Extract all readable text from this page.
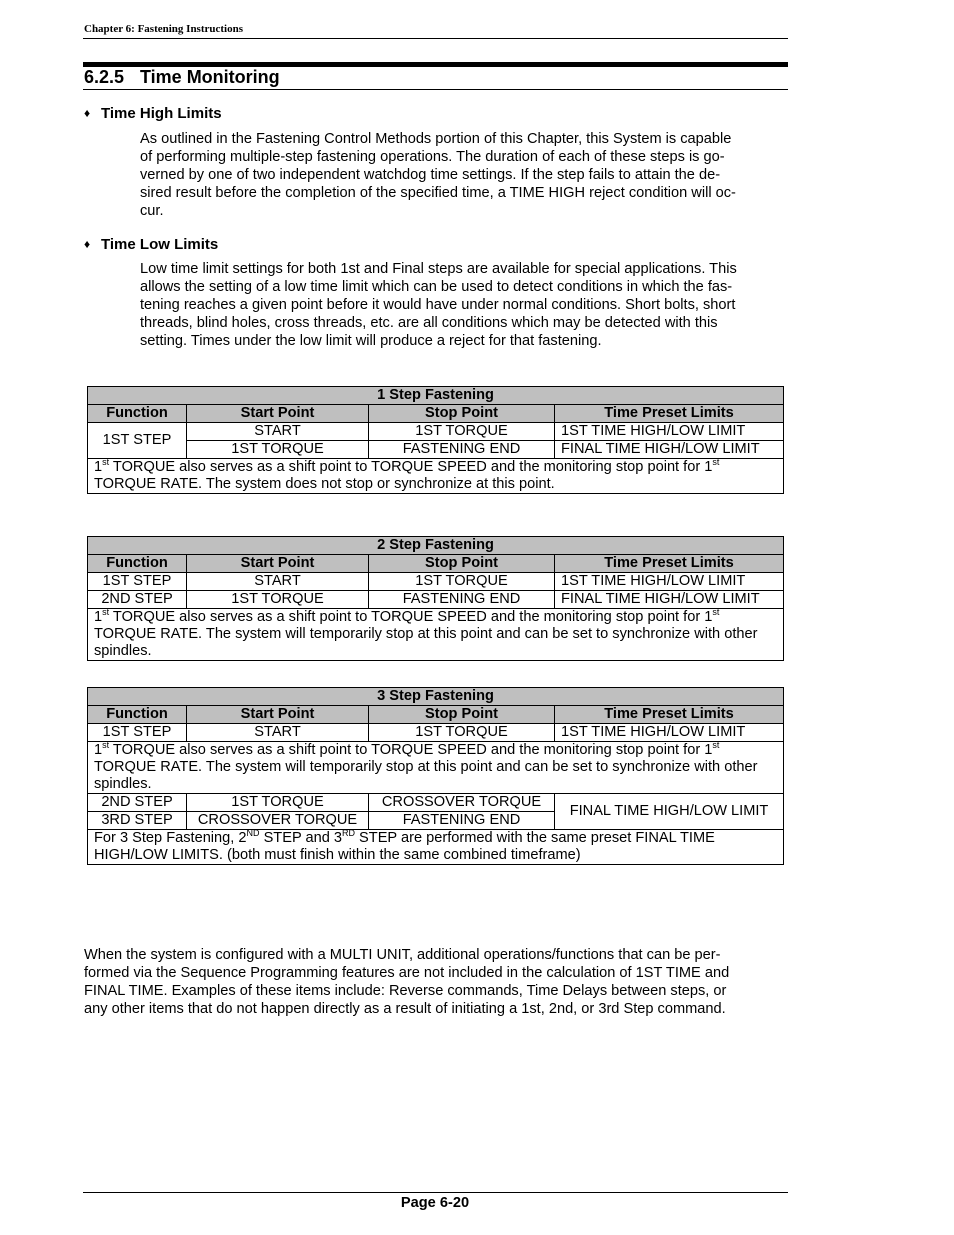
Chapter 6: Fastening Instructions
6.2.5 Time Monitoring
♦ Time High Limits
As outlined in the Fastening Control Methods portion of this Chapter, this System is capable
of performing multiple-step fastening operations. The duration of each of these steps is go-
verned by one of two independent watchdog time settings. If the step fails to attain the de-
sired result before the completion of the specified time, a TIME HIGH reject condition will oc-
cur.
♦ Time Low Limits
Low time limit settings for both 1st and Final steps are available for special applications. This
allows the setting of a low time limit which can be used to detect conditions in which the fas-
tening reaches a given point before it would have under normal conditions. Short bolts, short
threads, blind holes, cross threads, etc. are all conditions which may be detected with this
setting. Times under the low limit will produce a reject for that fastening.
1 Step Fastening			
Function	Start Point	Stop Point	Time Preset Limits
1ST STEP	START	1ST TORQUE	1ST TIME HIGH/LOW LIMIT
	1ST TORQUE	FASTENING END	FINAL TIME HIGH/LOW LIMIT
1st TORQUE also serves as a shift point to TORQUE SPEED and the monitoring stop point for 1st TORQUE RATE. The system does not stop or synchronize at this point.			
2 Step Fastening			
Function	Start Point	Stop Point	Time Preset Limits
1ST STEP	START	1ST TORQUE	1ST TIME HIGH/LOW LIMIT
2ND STEP	1ST TORQUE	FASTENING END	FINAL TIME HIGH/LOW LIMIT
1st TORQUE also serves as a shift point to TORQUE SPEED and the monitoring stop point for 1st TORQUE RATE. The system will temporarily stop at this point and can be set to synchronize with other spindles.			
3 Step Fastening			
Function	Start Point	Stop Point	Time Preset Limits
1ST STEP	START	1ST TORQUE	1ST TIME HIGH/LOW LIMIT
1st TORQUE also serves as a shift point to TORQUE SPEED and the monitoring stop point for 1st TORQUE RATE. The system will temporarily stop at this point and can be set to synchronize with other spindles.			
2ND STEP	1ST TORQUE	CROSSOVER TORQUE	FINAL TIME HIGH/LOW LIMIT
3RD STEP	CROSSOVER TORQUE	FASTENING END	
For 3 Step Fastening, 2ND STEP and 3RD STEP are performed with the same preset FINAL TIME HIGH/LOW LIMITS. (both must finish within the same combined timeframe)			
When the system is configured with a MULTI UNIT, additional operations/functions that can be per-
formed via the Sequence Programming features are not included in the calculation of 1ST TIME and
FINAL TIME. Examples of these items include: Reverse commands, Time Delays between steps, or
any other items that do not happen directly as a result of initiating a 1st, 2nd, or 3rd Step command.
Page 6-20
